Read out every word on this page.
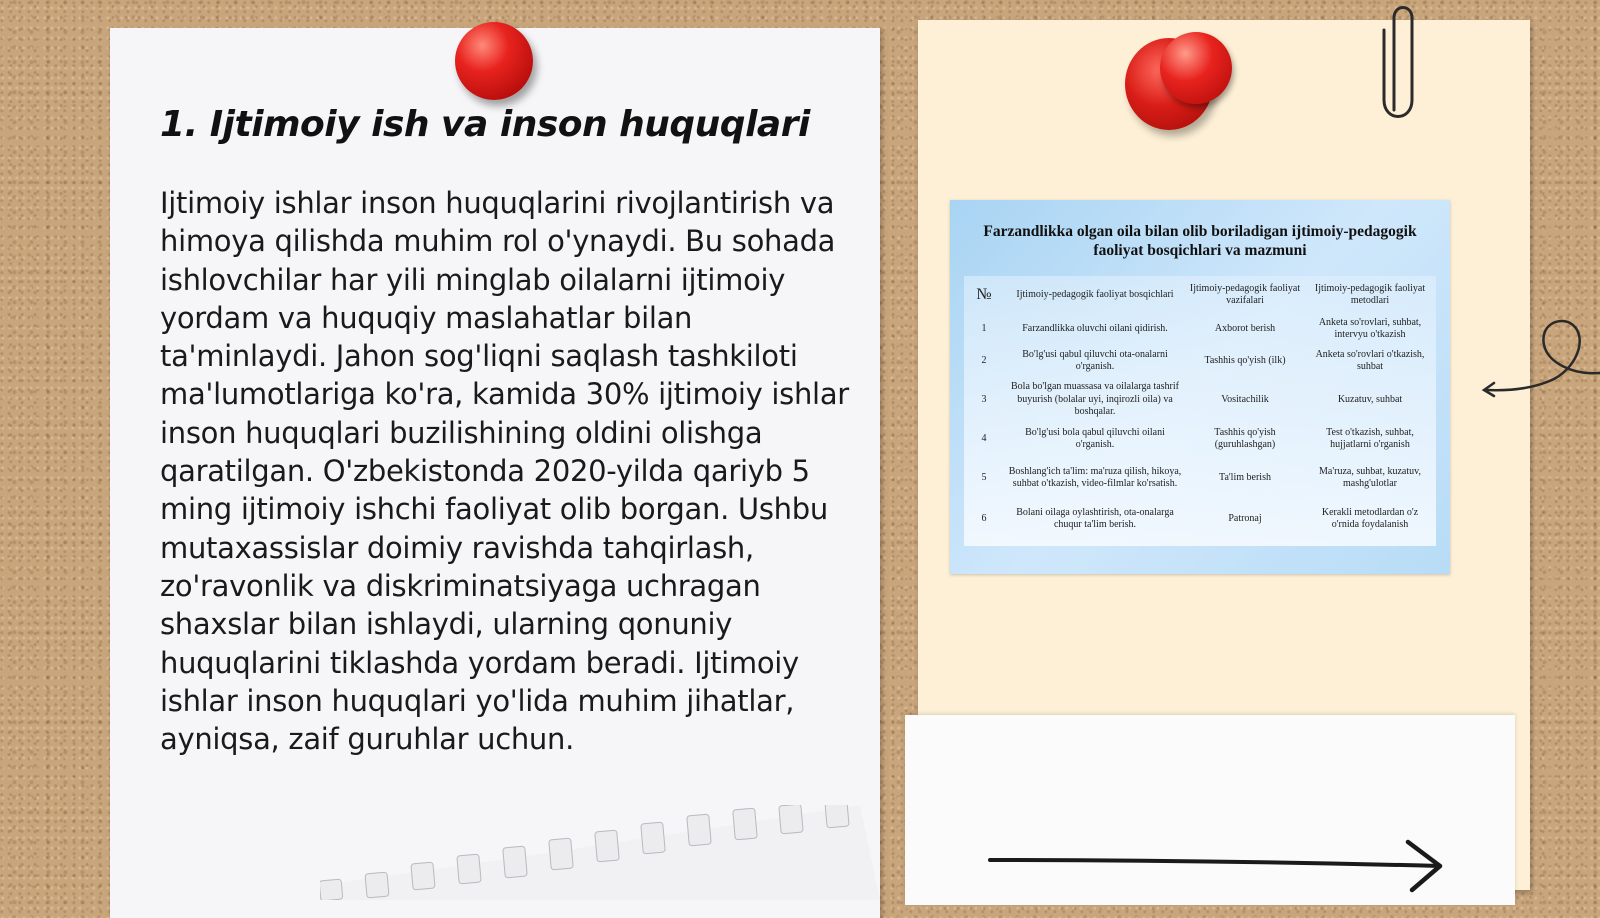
1. Ijtimoiy ish va inson huquqlari

Ijtimoiy ishlar inson huquqlarini rivojlantirish va himoya qilishda muhim rol o'ynaydi. Bu sohada ishlovchilar har yili minglab oilalarni ijtimoiy yordam va huquqiy maslahatlar bilan ta'minlaydi. Jahon sog'liqni saqlash tashkiloti ma'lumotlariga ko'ra, kamida 30% ijtimoiy ishlar inson huquqlari buzilishining oldini olishga qaratilgan. O'zbekistonda 2020-yilda qariyb 5 ming ijtimoiy ishchi faoliyat olib borgan. Ushbu mutaxassislar doimiy ravishda tahqirlash, zo'ravonlik va diskriminatsiyaga uchragan shaxslar bilan ishlaydi, ularning qonuniy huquqlarini tiklashda yordam beradi. Ijtimoiy ishlar inson huquqlari yo'lida muhim jihatlar, ayniqsa, zaif guruhlar uchun.

Farzandlikka olgan oila bilan olib boriladigan ijtimoiy-pedagogik faoliyat bosqichlari va mazmuni
№	Ijtimoiy-pedagogik faoliyat bosqichlari	Ijtimoiy-pedagogik faoliyat vazifalari	Ijtimoiy-pedagogik faoliyat metodlari
1	Farzandlikka oluvchi oilani qidirish.	Axborot berish	Anketa so'rovlari, suhbat, intervyu o'tkazish
2	Bo'lg'usi qabul qiluvchi ota-onalarni o'rganish.	Tashhis qo'yish (ilk)	Anketa so'rovlari o'tkazish, suhbat
3	Bola bo'lgan muassasa va oilalarga tashrif buyurish (bolalar uyi, inqirozli oila) va boshqalar.	Vositachilik	Kuzatuv, suhbat
4	Bo'lg'usi bola qabul qiluvchi oilani o'rganish.	Tashhis qo'yish (guruhlashgan)	Test o'tkazish, suhbat, hujjatlarni o'rganish
5	Boshlang'ich ta'lim: ma'ruza qilish, hikoya, suhbat o'tkazish, video-filmlar ko'rsatish.	Ta'lim berish	Ma'ruza, suhbat, kuzatuv, mashg'ulotlar
6	Bolani oilaga oylashtirish, ota-onalarga chuqur ta'lim berish.	Patronaj	Kerakli metodlardan o'z o'rnida foydalanish
